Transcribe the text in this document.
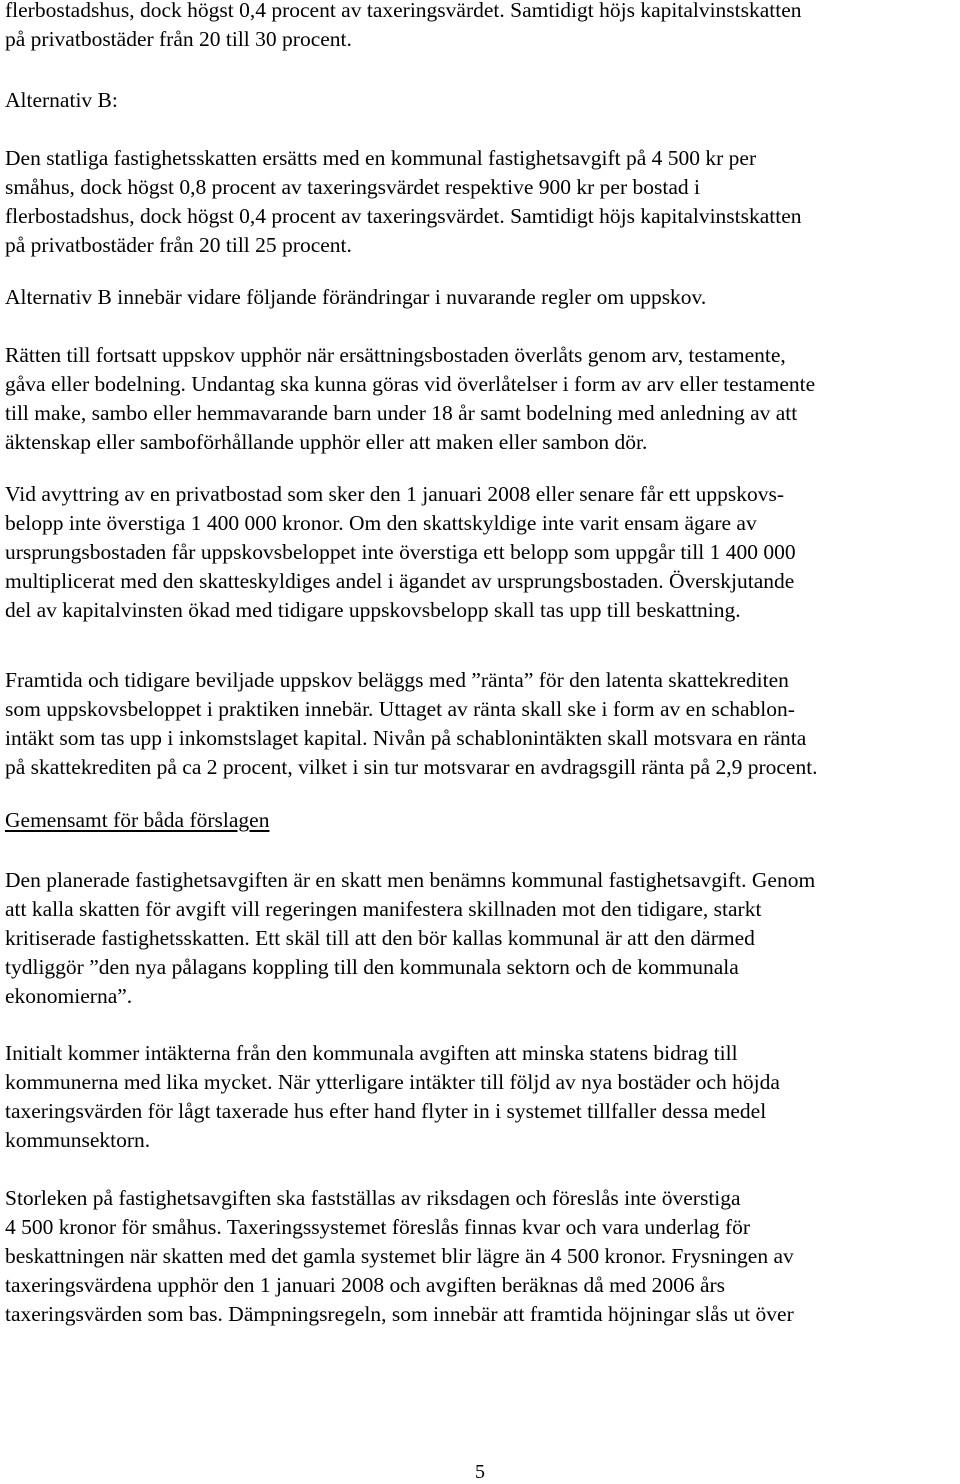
flerbostadshus, dock högst 0,4 procent av taxeringsvärdet. Samtidigt höjs kapitalvinstskatten
på privatbostäder från 20 till 30 procent.
Alternativ B:
Den statliga fastighetsskatten ersätts med en kommunal fastighetsavgift på 4 500 kr per
småhus, dock högst 0,8 procent av taxeringsvärdet respektive 900 kr per bostad i
flerbostadshus, dock högst 0,4 procent av taxeringsvärdet. Samtidigt höjs kapitalvinstskatten
på privatbostäder från 20 till 25 procent.
Alternativ B innebär vidare följande förändringar i nuvarande regler om uppskov.
Rätten till fortsatt uppskov upphör när ersättningsbostaden överlåts genom arv, testamente,
gåva eller bodelning. Undantag ska kunna göras vid överlåtelser i form av arv eller testamente
till make, sambo eller hemmavarande barn under 18 år samt bodelning med anledning av att
äktenskap eller samboförhållande upphör eller att maken eller sambon dör.
Vid avyttring av en privatbostad som sker den 1 januari 2008 eller senare får ett uppskovs-
belopp inte överstiga 1 400 000 kronor. Om den skattskyldige inte varit ensam ägare av
ursprungsbostaden får uppskovsbeloppet inte överstiga ett belopp som uppgår till 1 400 000
multiplicerat med den skatteskyldiges andel i ägandet av ursprungsbostaden. Överskjutande
del av kapitalvinsten ökad med tidigare uppskovsbelopp skall tas upp till beskattning.
Framtida och tidigare beviljade uppskov beläggs med ”ränta” för den latenta skattekrediten
som uppskovsbeloppet i praktiken innebär. Uttaget av ränta skall ske i form av en schablon-
intäkt som tas upp i inkomstslaget kapital. Nivån på schablonintäkten skall motsvara en ränta
på skattekrediten på ca 2 procent, vilket i sin tur motsvarar en avdragsgill ränta på 2,9 procent.
Gemensamt för båda förslagen
Den planerade fastighetsavgiften är en skatt men benämns kommunal fastighetsavgift. Genom
att kalla skatten för avgift vill regeringen manifestera skillnaden mot den tidigare, starkt
kritiserade fastighetsskatten. Ett skäl till att den bör kallas kommunal är att den därmed
tydliggör ”den nya pålagans koppling till den kommunala sektorn och de kommunala
ekonomierna”.
Initialt kommer intäkterna från den kommunala avgiften att minska statens bidrag till
kommunerna med lika mycket. När ytterligare intäkter till följd av nya bostäder och höjda
taxeringsvärden för lågt taxerade hus efter hand flyter in i systemet tillfaller dessa medel
kommunsektorn.
Storleken på fastighetsavgiften ska fastställas av riksdagen och föreslås inte överstiga
4 500 kronor för småhus. Taxeringssystemet föreslås finnas kvar och vara underlag för
beskattningen när skatten med det gamla systemet blir lägre än 4 500 kronor. Frysningen av
taxeringsvärdena upphör den 1 januari 2008 och avgiften beräknas då med 2006 års
taxeringsvärden som bas. Dämpningsregeln, som innebär att framtida höjningar slås ut över
5
